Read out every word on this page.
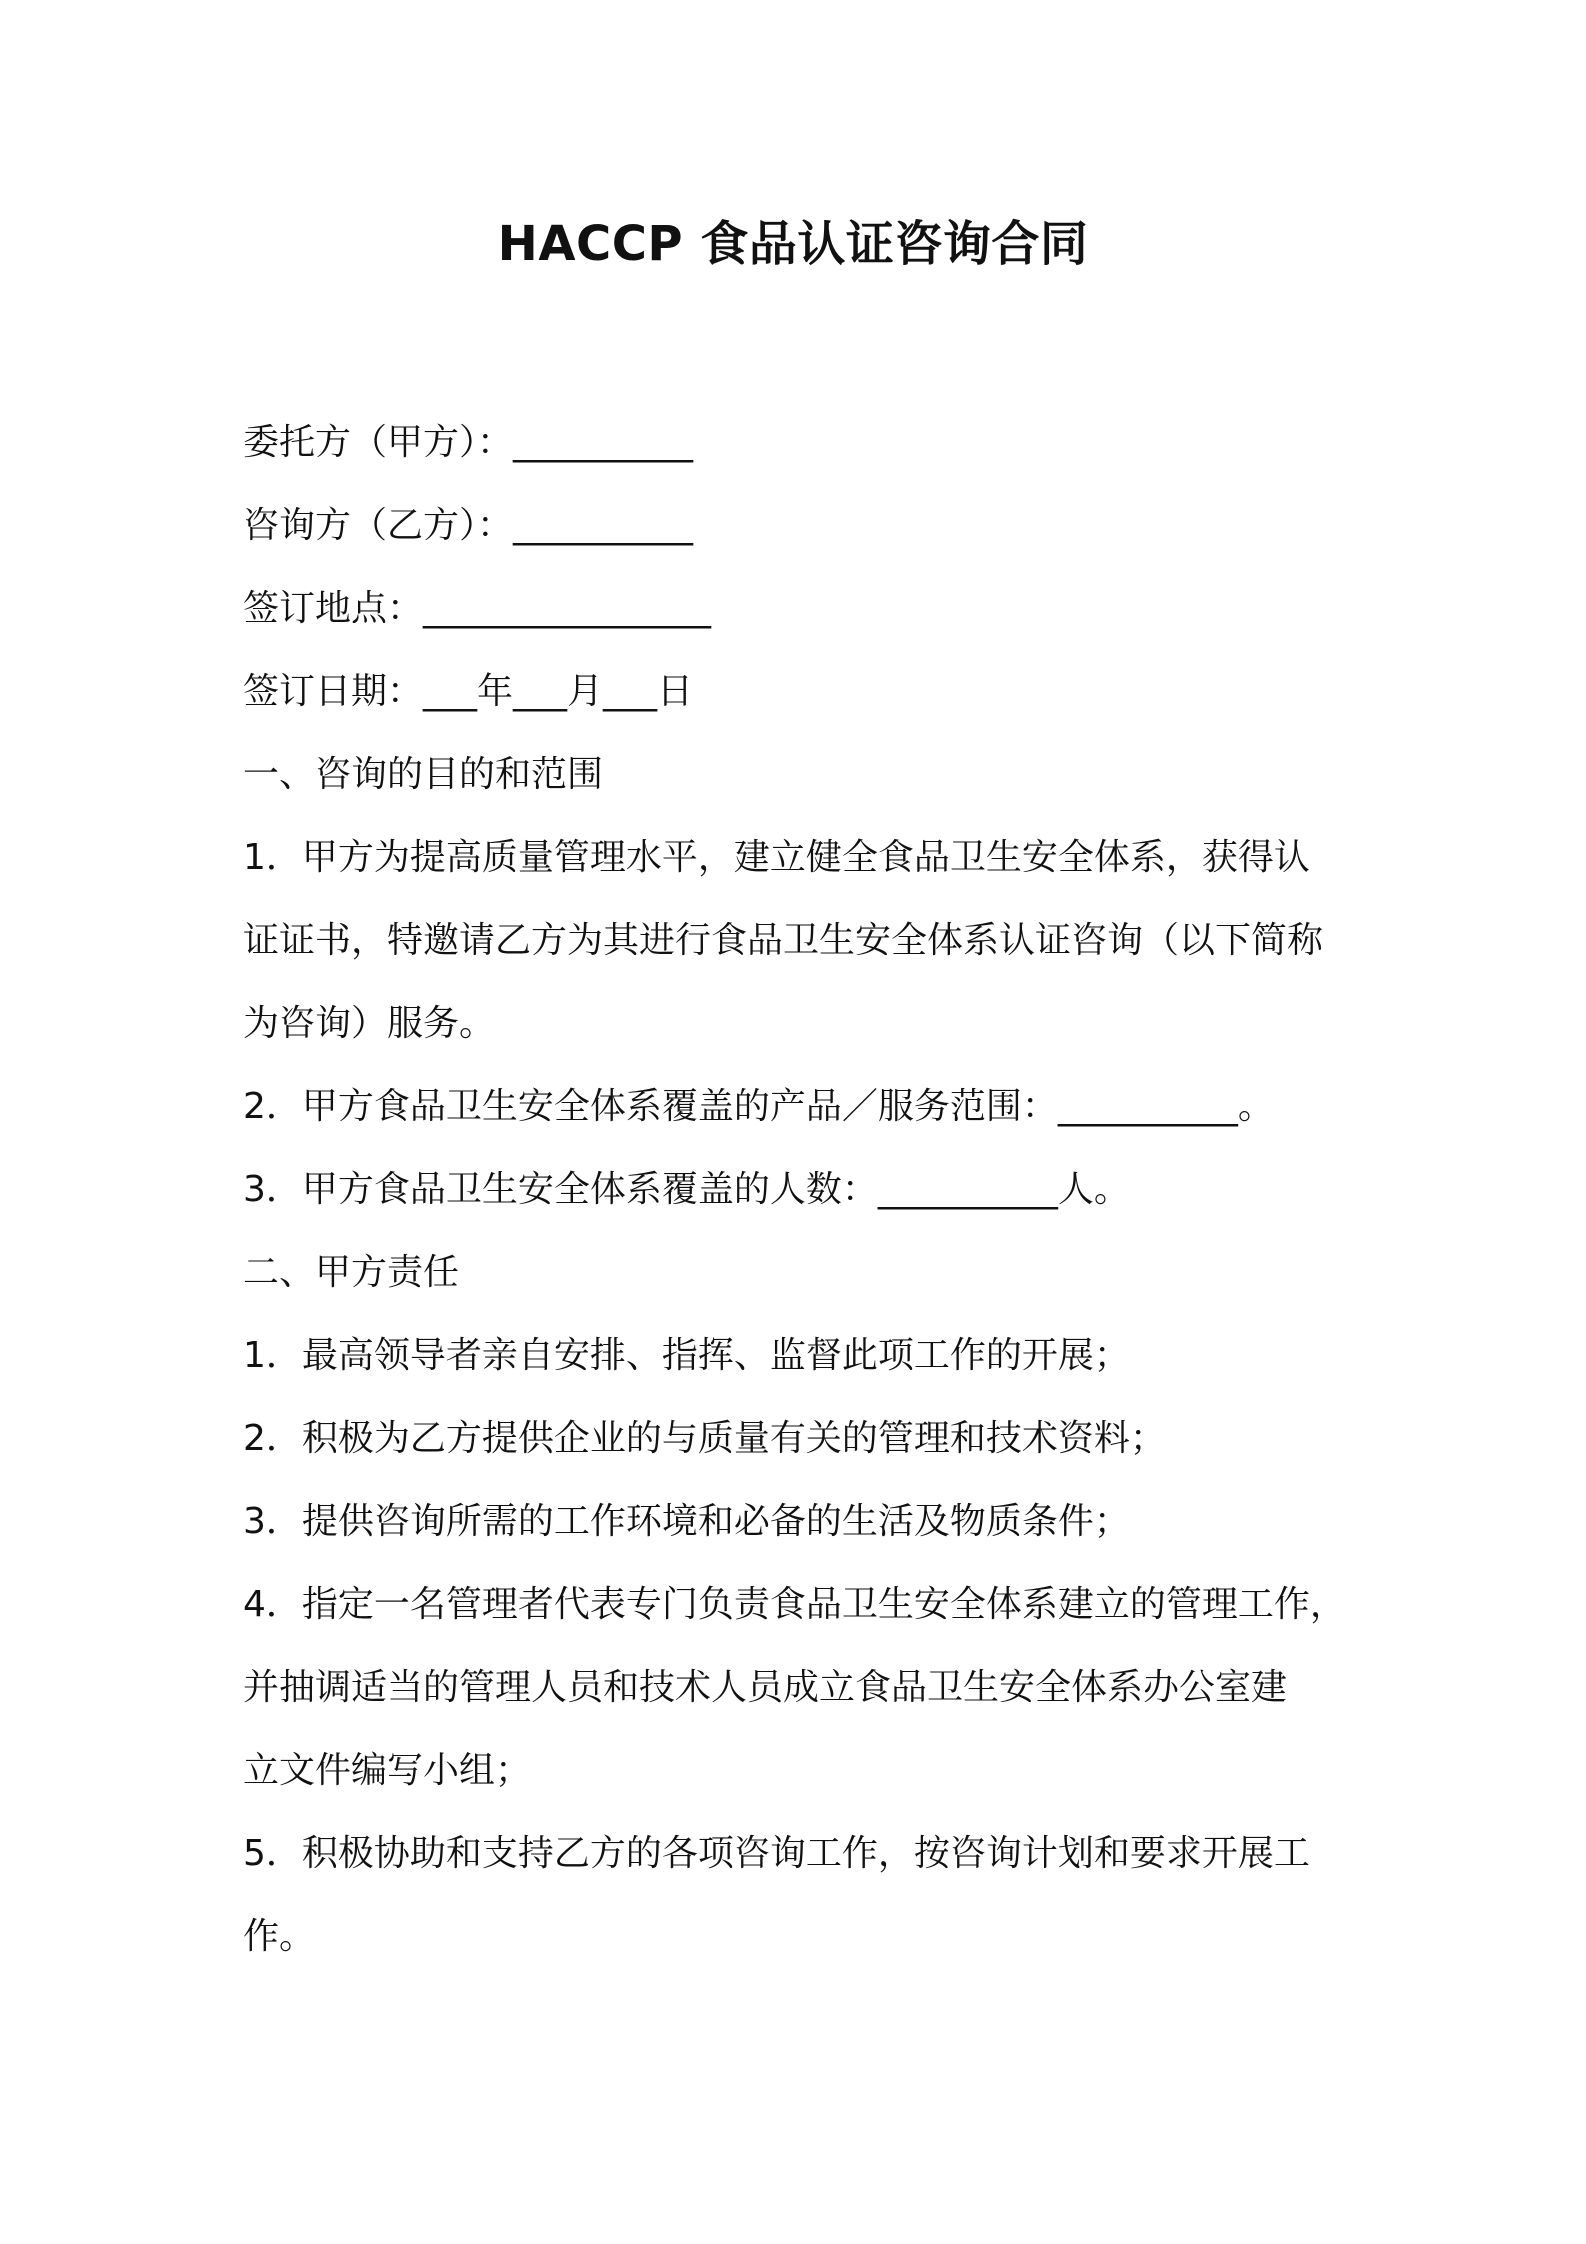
HACCP 食品认证咨询合同
委托方（甲方）：__________
咨询方（乙方）：__________
签订地点：________________
签订日期：___年___月___日
一、咨询的目的和范围
1．甲方为提高质量管理水平，建立健全食品卫生安全体系，获得认
证证书，特邀请乙方为其进行食品卫生安全体系认证咨询（以下简称
为咨询）服务。
2．甲方食品卫生安全体系覆盖的产品／服务范围：__________。
3．甲方食品卫生安全体系覆盖的人数：__________人。
二、甲方责任
1．最高领导者亲自安排、指挥、监督此项工作的开展；
2．积极为乙方提供企业的与质量有关的管理和技术资料；
3．提供咨询所需的工作环境和必备的生活及物质条件；
4．指定一名管理者代表专门负责食品卫生安全体系建立的管理工作，
并抽调适当的管理人员和技术人员成立食品卫生安全体系办公室建
立文件编写小组；
5．积极协助和支持乙方的各项咨询工作，按咨询计划和要求开展工
作。
